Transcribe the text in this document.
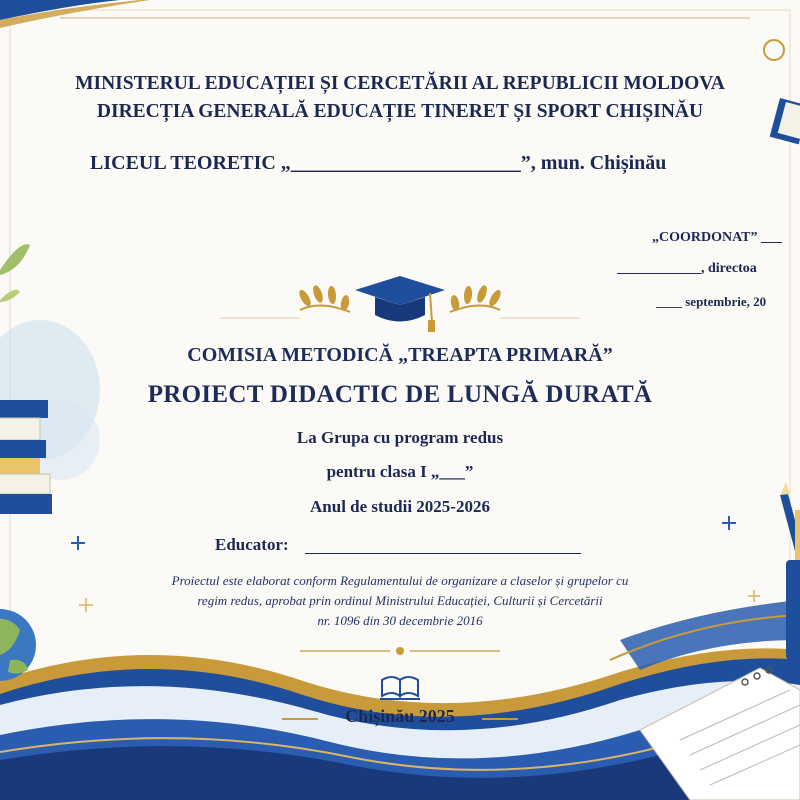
MINISTERUL EDUCAȚIEI ȘI CERCETĂRII AL REPUBLICII MOLDOVA
DIRECȚIA GENERALĂ EDUCAȚIE TINERET ȘI SPORT CHIȘINĂU
LICEUL TEORETIC „_______________________”, mun. Chișinău
„COORDONAT” ___
____________, directoa
____ septembrie, 20
COMISIA METODICĂ „TREAPTA PRIMARĂ”
PROIECT DIDACTIC DE LUNGĂ DURATĂ
La Grupa cu program redus
pentru clasa I „___”
Anul de studii 2025-2026
Educator:
Proiectul este elaborat conform Regulamentului de organizare a claselor și grupelor cu
regim redus, aprobat prin ordinul Ministrului Educației, Culturii și Cercetării
nr. 1096 din 30 decembrie 2016
Chișinău 2025
